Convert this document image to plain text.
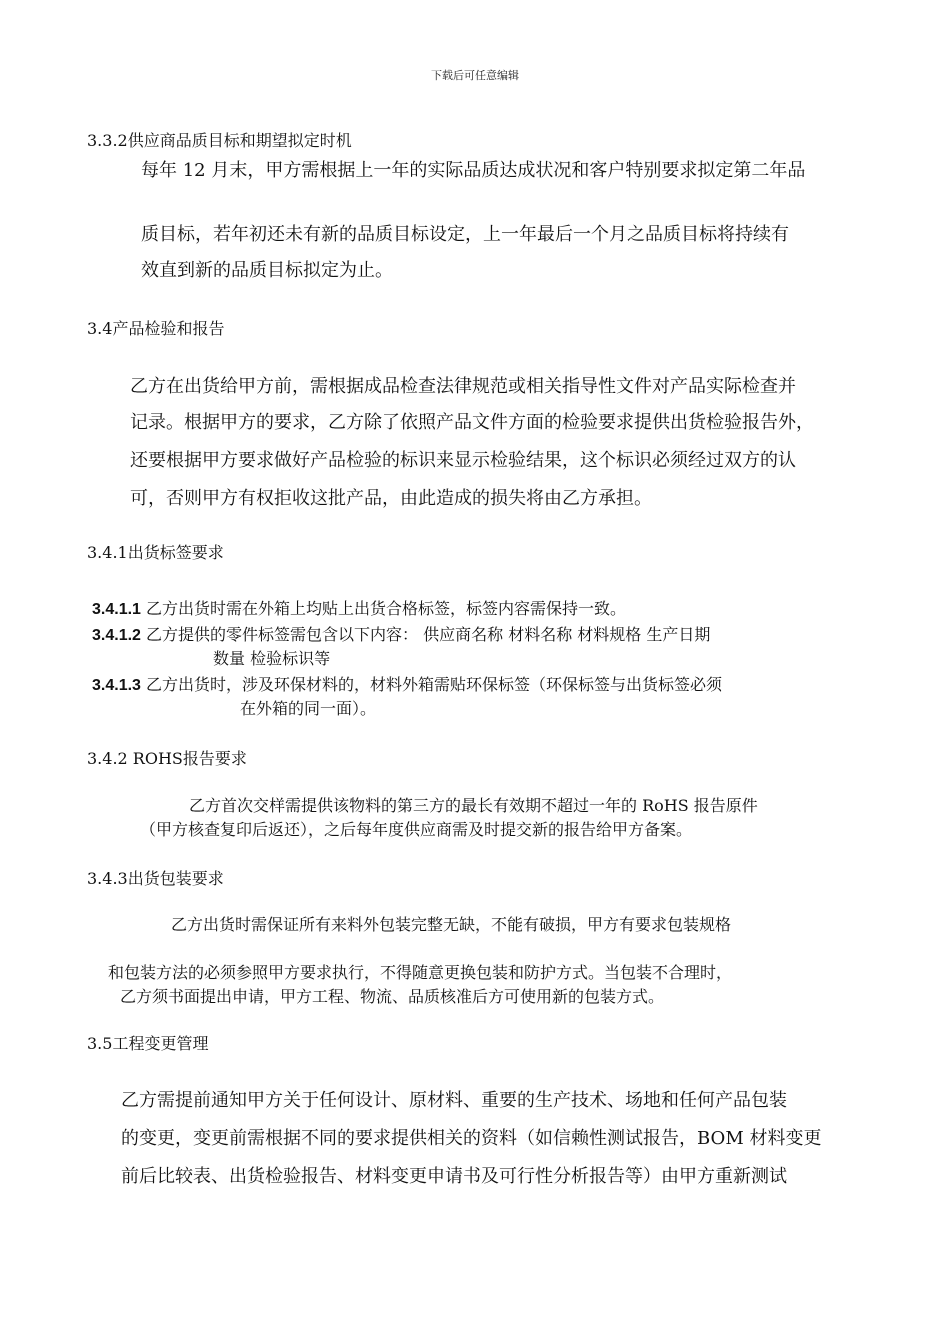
下载后可任意编辑
3.3.2供应商品质目标和期望拟定时机
每年 12 月末，甲方需根据上一年的实际品质达成状况和客户特别要求拟定第二年品
质目标，若年初还未有新的品质目标设定，上一年最后一个月之品质目标将持续有
效直到新的品质目标拟定为止。
3.4产品检验和报告
乙方在出货给甲方前，需根据成品检查法律规范或相关指导性文件对产品实际检查并
记录。根据甲方的要求，乙方除了依照产品文件方面的检验要求提供出货检验报告外，
还要根据甲方要求做好产品检验的标识来显示检验结果，这个标识必须经过双方的认
可，否则甲方有权拒收这批产品，由此造成的损失将由乙方承担。
3.4.1出货标签要求
3.4.1.1 乙方出货时需在外箱上均贴上出货合格标签，标签内容需保持一致。
3.4.1.2 乙方提供的零件标签需包含以下内容： 供应商名称 材料名称 材料规格 生产日期
数量 检验标识等
3.4.1.3 乙方出货时，涉及环保材料的，材料外箱需贴环保标签（环保标签与出货标签必须
在外箱的同一面）。
3.4.2 ROHS报告要求
乙方首次交样需提供该物料的第三方的最长有效期不超过一年的 RoHS 报告原件
（甲方核查复印后返还），之后每年度供应商需及时提交新的报告给甲方备案。
3.4.3出货包装要求
乙方出货时需保证所有来料外包装完整无缺，不能有破损，甲方有要求包装规格
和包装方法的必须参照甲方要求执行，不得随意更换包装和防护方式。当包装不合理时，
乙方须书面提出申请，甲方工程、物流、品质核准后方可使用新的包装方式。
3.5工程变更管理
乙方需提前通知甲方关于任何设计、原材料、重要的生产技术、场地和任何产品包装
的变更，变更前需根据不同的要求提供相关的资料（如信赖性测试报告，BOM 材料变更
前后比较表、出货检验报告、材料变更申请书及可行性分析报告等）由甲方重新测试
